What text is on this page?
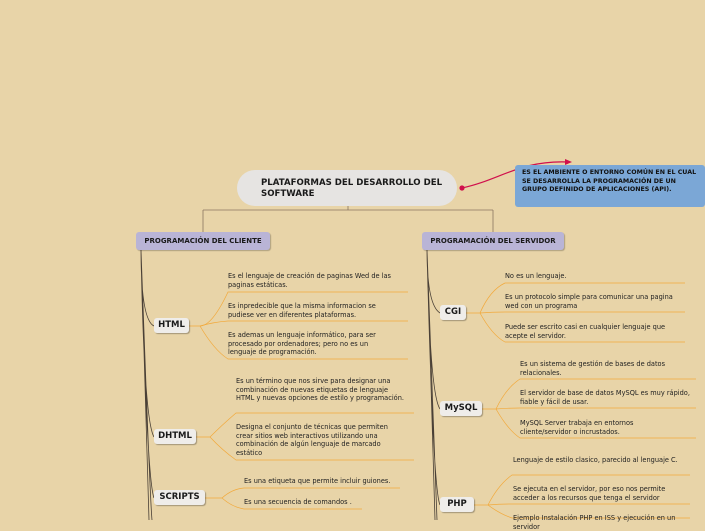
PLATAFORMAS DEL DESARROLLO DEL SOFTWARE
ES EL AMBIENTE O ENTORNO COMÚN EN EL CUAL SE DESARROLLA LA PROGRAMACIÓN DE UN GRUPO DEFINIDO DE APLICACIONES (API).
PROGRAMACIÓN DEL CLIENTE	PROGRAMACIÓN DEL SERVIDOR
HTML
DHTML
SCRIPTS
CGI
MySQL
PHP
Es el lenguaje de creación de paginas Wed de las paginas estáticas.
Es inpredecible que la misma informacion se pudiese ver en diferentes plataformas.
Es ademas un lenguaje informático, para ser procesado por ordenadores; pero no es un lenguaje de programación.
Es un término que nos sirve para designar una combinación de nuevas etiquetas de lenguaje HTML y nuevas opciones de estilo y programación.
Designa el conjunto de técnicas que permiten crear sitios web interactivos utilizando una combinación de algún lenguaje de marcado estático
Es una etiqueta que permite incluir guiones.
Es una secuencia de comandos .
No es un lenguaje.
Es un protocolo simple para comunicar una pagina wed con un programa
Puede ser escrito casi en cualquier lenguaje que acepte el servidor.
Es un sistema de gestión de bases de datos relacionales.
El servidor de base de datos MySQL es muy rápido, fiable y fácil de usar.
MySQL Server trabaja en entornos cliente/servidor o incrustados.
Lenguaje de estilo clasico, parecido al lenguaje C.
Se ejecuta en el servidor, por eso nos permite acceder a los recursos que tenga el servidor
Ejemplo Instalación PHP en ISS y ejecución en un servidor
